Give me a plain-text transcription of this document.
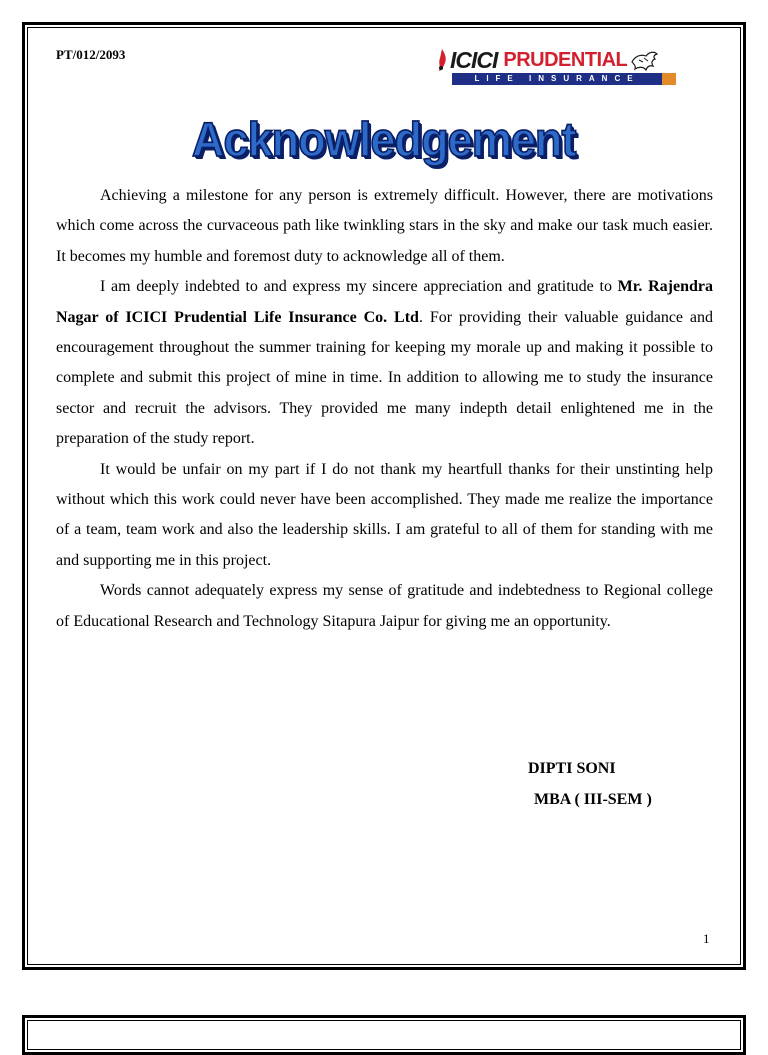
PT/012/2093	ICICI PRUDENTIAL
LIFE INSURANCE
Acknowledgement

Achieving a milestone for any person is extremely difficult. However, there are motivations which come across the curvaceous path like twinkling stars in the sky and make our task much easier. It becomes my humble and foremost duty to acknowledge all of them.

I am deeply indebted to and express my sincere appreciation and gratitude to Mr. Rajendra Nagar of ICICI Prudential Life Insurance Co. Ltd. For providing their valuable guidance and encouragement throughout the summer training for keeping my morale up and making it possible to complete and submit this project of mine in time. In addition to allowing me to study the insurance sector and recruit the advisors. They provided me many indepth detail enlightened me in the preparation of the study report.

It would be unfair on my part if I do not thank my heartfull thanks for their unstinting help without which this work could never have been accomplished. They made me realize the importance of a team, team work and also the leadership skills. I am grateful to all of them for standing with me and supporting me in this project.

Words cannot adequately express my sense of gratitude and indebtedness to Regional college of Educational Research and Technology Sitapura Jaipur for giving me an opportunity.

DIPTI SONI
MBA ( III-SEM )
1
